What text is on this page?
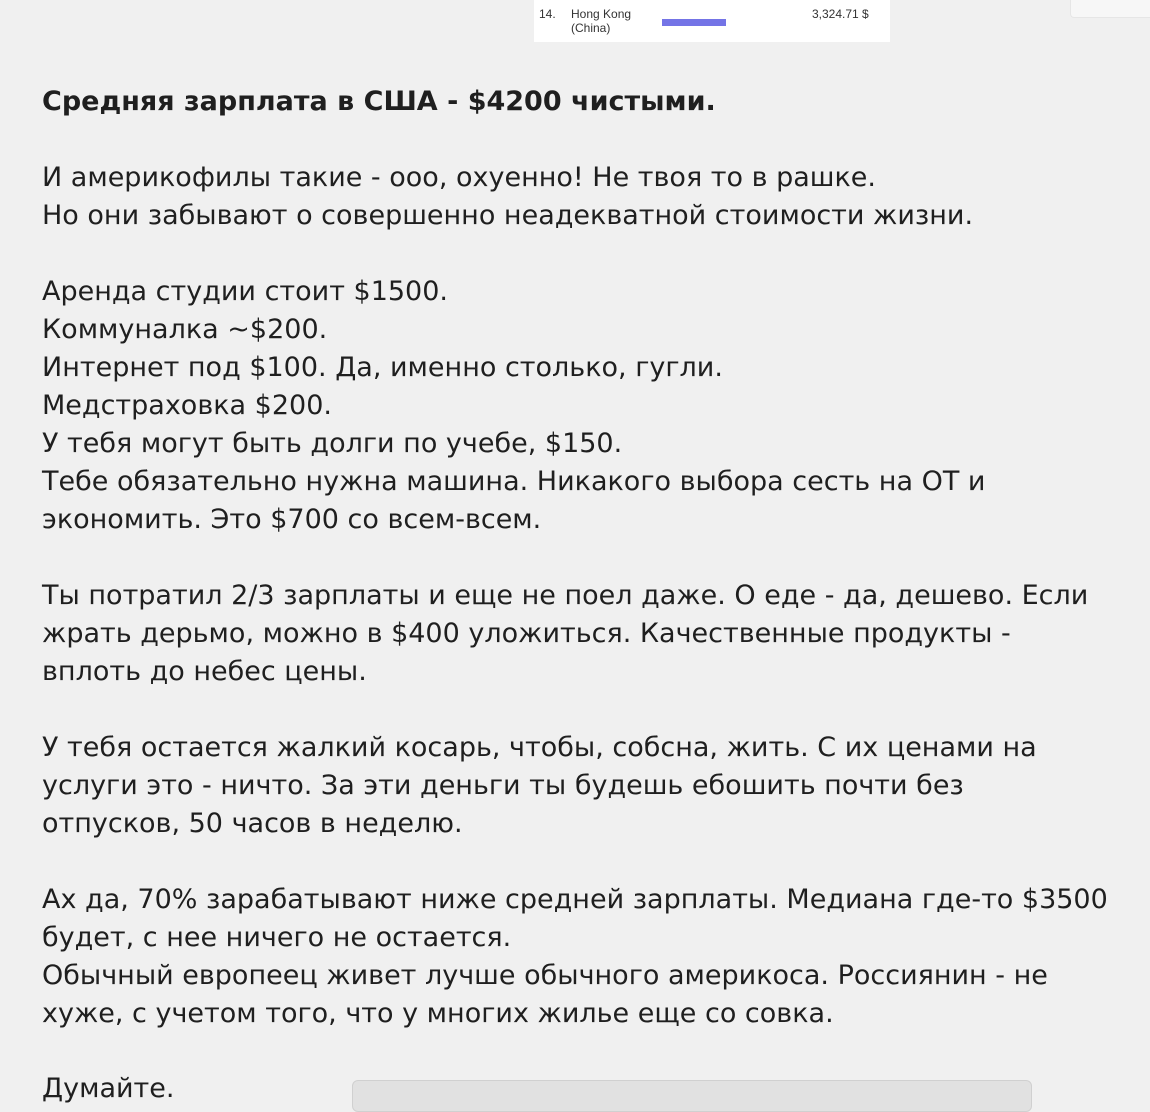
14. Hong Kong
(China)
3,324.71 $

Средняя зарплата в США - $4200 чистыми.

И америкофилы такие - ооо, охуенно! Не твоя то в рашке.
Но они забывают о совершенно неадекватной стоимости жизни.

Аренда студии стоит $1500.
Коммуналка ~$200.
Интернет под $100. Да, именно столько, гугли.
Медстраховка $200.
У тебя могут быть долги по учебе, $150.
Тебе обязательно нужна машина. Никакого выбора сесть на ОТ и экономить. Это $700 со всем-всем.

Ты потратил 2/3 зарплаты и еще не поел даже. О еде - да, дешево. Если жрать дерьмо, можно в $400 уложиться. Качественные продукты - вплоть до небес цены.

У тебя остается жалкий косарь, чтобы, собсна, жить. С их ценами на услуги это - ничто. За эти деньги ты будешь ебошить почти без отпусков, 50 часов в неделю.

Ах да, 70% зарабатывают ниже средней зарплаты. Медиана где-то $3500 будет, с нее ничего не остается.
Обычный европеец живет лучше обычного америкоса. Россиянин - не хуже, с учетом того, что у многих жилье еще со совка.

Думайте.
